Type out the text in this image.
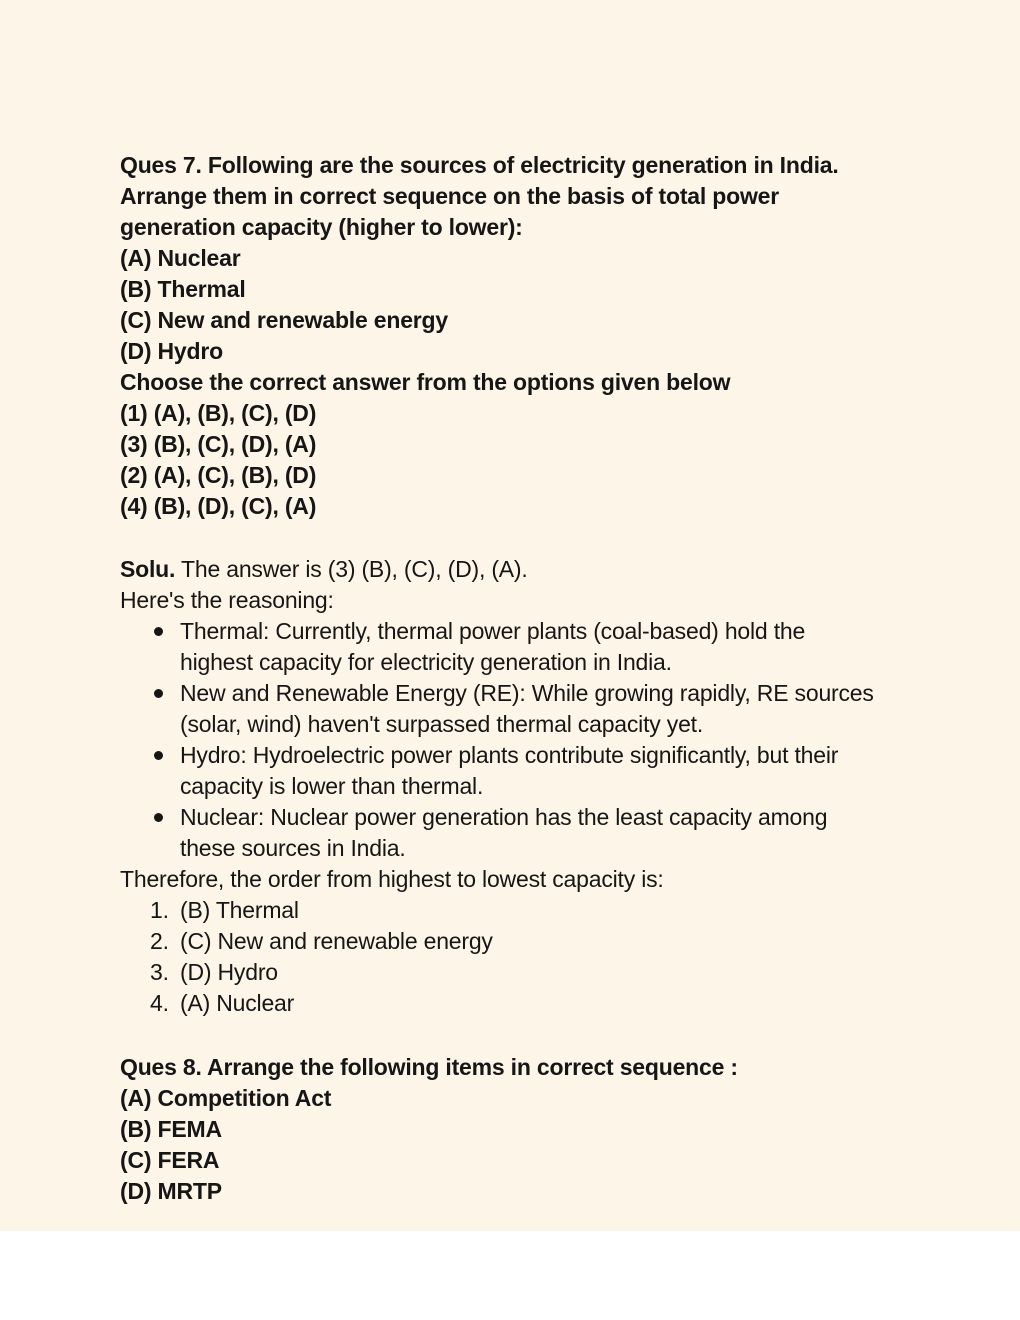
Ques 7. Following are the sources of electricity generation in India.

Arrange them in correct sequence on the basis of total power

generation capacity (higher to lower):

(A) Nuclear

(B) Thermal

(C) New and renewable energy

(D) Hydro

Choose the correct answer from the options given below

(1) (A), (B), (C), (D)

(3) (B), (C), (D), (A)

(2) (A), (C), (B), (D)

(4) (B), (D), (C), (A)

Solu. The answer is (3) (B), (C), (D), (A).

Here's the reasoning:

Thermal: Currently, thermal power plants (coal-based) hold the

highest capacity for electricity generation in India.

New and Renewable Energy (RE): While growing rapidly, RE sources

(solar, wind) haven't surpassed thermal capacity yet.

Hydro: Hydroelectric power plants contribute significantly, but their

capacity is lower than thermal.

Nuclear: Nuclear power generation has the least capacity among

these sources in India.

Therefore, the order from highest to lowest capacity is:

1. (B) Thermal
2. (C) New and renewable energy
3. (D) Hydro
4. (A) Nuclear

Ques 8. Arrange the following items in correct sequence :

(A) Competition Act

(B) FEMA

(C) FERA

(D) MRTP
